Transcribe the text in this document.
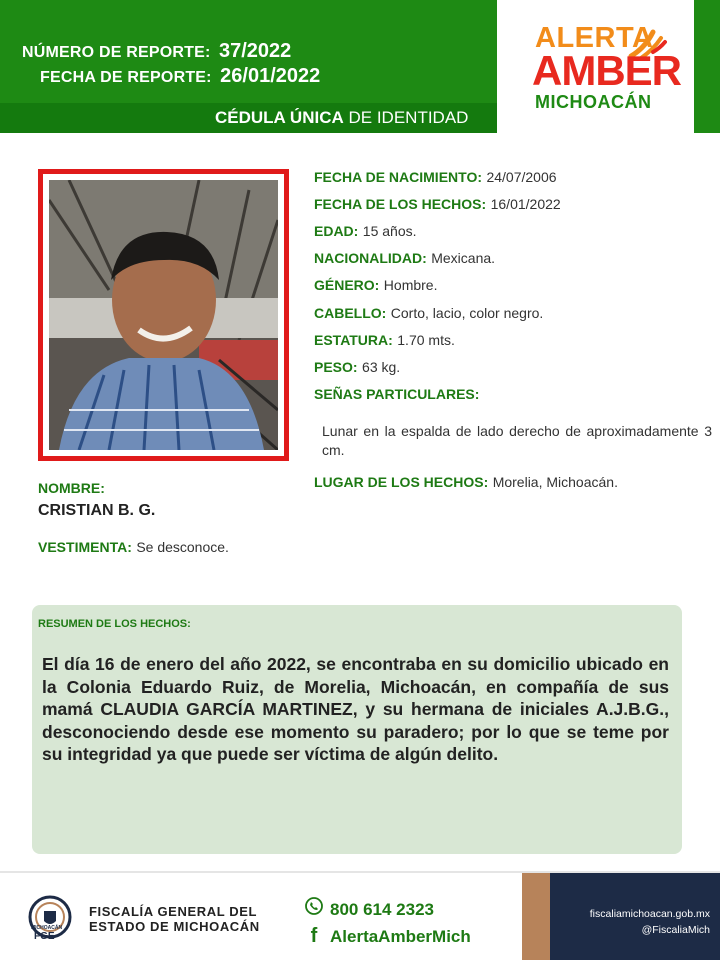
NÚMERO DE REPORTE: 37/2022
FECHA DE REPORTE: 26/01/2022
CÉDULA ÚNICA DE IDENTIDAD
ALERTA
AMBER
MICHOACÁN
NOMBRE:
CRISTIAN B. G.
VESTIMENTA: Se desconoce.
FECHA DE NACIMIENTO: 24/07/2006
FECHA DE LOS HECHOS: 16/01/2022
EDAD: 15 años.
NACIONALIDAD: Mexicana.
GÉNERO: Hombre.
CABELLO: Corto, lacio, color negro.
ESTATURA: 1.70 mts.
PESO: 63 kg.
SEÑAS PARTICULARES:
Lunar en la espalda de lado derecho de aproximadamente 3 cm.
LUGAR DE LOS HECHOS: Morelia, Michoacán.
RESUMEN DE LOS HECHOS:
El día 16 de enero del año 2022, se encontraba en su domicilio ubicado en la Colonia Eduardo Ruiz, de Morelia, Michoacán, en compañía de sus mamá CLAUDIA GARCÍA MARTINEZ, y su hermana de iniciales A.J.B.G., desconociendo desde ese momento su paradero; por lo que se teme por su integridad ya que puede ser víctima de algún delito.
MICHOACÁN
FGE
FISCALÍA GENERAL DEL
ESTADO DE MICHOACÁN
800 614 2323
f AlertaAmberMich
fiscaliamichoacan.gob.mx
@FiscaliaMich
